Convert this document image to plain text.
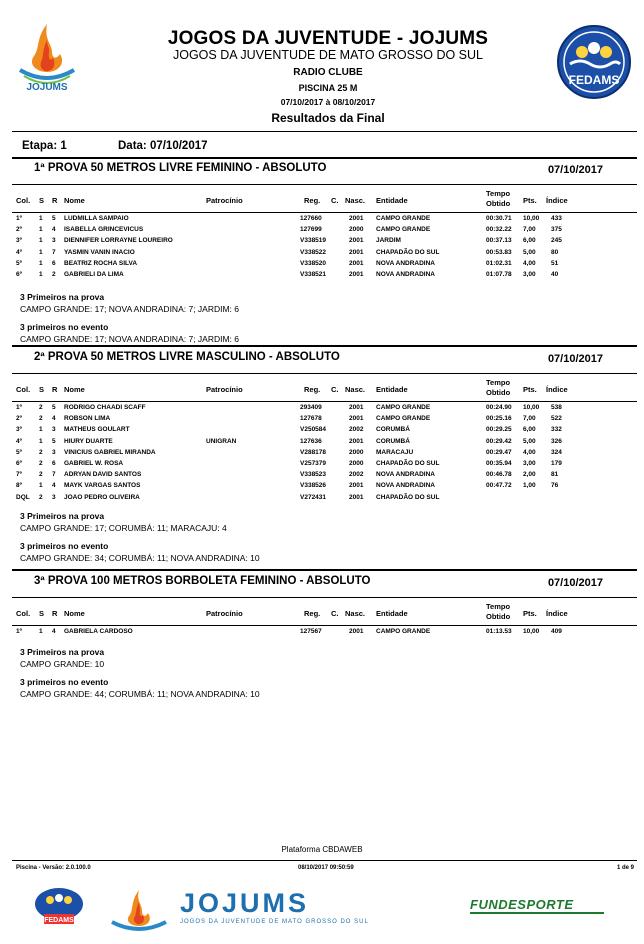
JOJUMS
JOGOS DA JUVENTUDE - JOJUMS
JOGOS DA JUVENTUDE DE MATO GROSSO DO SUL
RADIO CLUBE
PISCINA 25 M
07/10/2017 à 08/10/2017
Resultados da Final
FEDAMS
Etapa: 1	Data: 07/10/2017
1ª PROVA 50 METROS LIVRE FEMININO - ABSOLUTO	07/10/2017
Col. S R Nome	Patrocínio	Reg. C. Nasc. Entidade
Tempo
Obtido Pts. Índice
1º	1 5 LUDMILLA SAMPAIO	127660	2001 CAMPO GRANDE	00:30.71 10,00 433
2º	1 4 ISABELLA GRINCEVICUS	127699	2000 CAMPO GRANDE	00:32.22 7,00 375
3º	1 3 DIENNIFER LORRAYNE LOUREIRO	V338519	2001 JARDIM	00:37.13 6,00 245
4º	1 7 YASMIN VANIN INACIO	V338522	2001 CHAPADÃO DO SUL	00:53.83 5,00 80
5º	1 6 BEATRIZ ROCHA SILVA	V338520	2001 NOVA ANDRADINA	01:02.31 4,00 51
6º	1 2 GABRIELI DA LIMA	V338521	2001 NOVA ANDRADINA	01:07.78 3,00 40
3 Primeiros na prova
CAMPO GRANDE: 17; NOVA ANDRADINA: 7; JARDIM: 6
3 primeiros no evento
CAMPO GRANDE: 17; NOVA ANDRADINA: 7; JARDIM: 6
2ª PROVA 50 METROS LIVRE MASCULINO - ABSOLUTO	07/10/2017
Col. S R Nome	Patrocínio	Reg. C. Nasc. Entidade
Tempo
Obtido Pts. Índice
1º	2 5 RODRIGO CHAADI SCAFF	293409	2001 CAMPO GRANDE	00:24.90 10,00 538
2º	2 4 ROBSON LIMA	127678	2001 CAMPO GRANDE	00:25.16 7,00 522
3º	1 3 MATHEUS GOULART	V250584	2002 CORUMBÁ	00:29.25 6,00 332
4º	1 5 HIURY DUARTE	UNIGRAN	127636	2001 CORUMBÁ	00:29.42 5,00 326
5º	2 3 VINICIUS GABRIEL MIRANDA	V288178	2000 MARACAJU	00:29.47 4,00 324
6º	2 6 GABRIEL W. ROSA	V257379	2000 CHAPADÃO DO SUL	00:35.94 3,00 179
7º	2 7 ADRYAN DAVID SANTOS	V338523	2002 NOVA ANDRADINA	00:46.78 2,00 81
8º	1 4 MAYK VARGAS SANTOS	V338526	2001 NOVA ANDRADINA	00:47.72 1,00 76
DQL 2 3 JOAO PEDRO OLIVEIRA	V272431	2001 CHAPADÃO DO SUL
3 Primeiros na prova
CAMPO GRANDE: 17; CORUMBÁ: 11; MARACAJU: 4
3 primeiros no evento
CAMPO GRANDE: 34; CORUMBÁ: 11; NOVA ANDRADINA: 10
3ª PROVA 100 METROS BORBOLETA FEMININO - ABSOLUTO	07/10/2017
Col. S R Nome	Patrocínio	Reg. C. Nasc. Entidade
Tempo
Obtido Pts. Índice
1º	1 4 GABRIELA CARDOSO	127567	2001 CAMPO GRANDE	01:13.53 10,00 409
3 Primeiros na prova
CAMPO GRANDE: 10
3 primeiros no evento
CAMPO GRANDE: 44; CORUMBÁ: 11; NOVA ANDRADINA: 10
Plataforma CBDAWEB
Piscina - Versão: 2.0.100.0	08/10/2017 09:50:59	1 de 9
FEDAMS
JOJUMS
JOGOS DA JUVENTUDE DE MATO GROSSO DO SUL
FUNDESPORTE
